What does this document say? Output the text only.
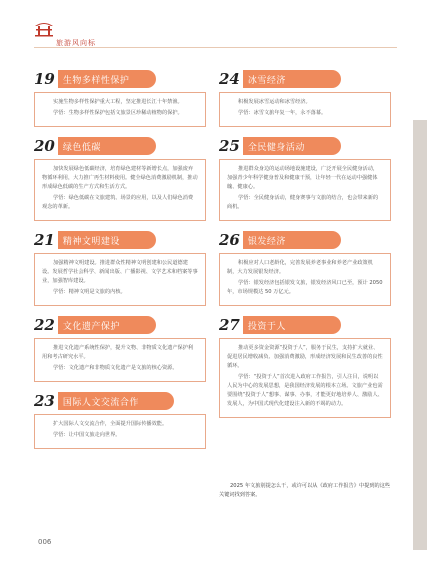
旅游风向标
19 生物多样性保护

实施生物多样性保护重大工程，坚定推进长江十年禁渔。

学悟：生物多样性保护包括文旅景区珍稀动植物的保护。

20 绿色低碳

加快发展绿色低碳经济，培育绿色建材等新增长点，加强废弃物循环利用，大力推广再生材料使用。健全绿色消费激励机制，推动形成绿色低碳的生产方式和生活方式。

学悟：绿色低碳在文旅建筑、场景的应用，以及人们绿色消费观念的革新。

21 精神文明建设

加强精神文明建设。推进群众性精神文明创建和公民道德建设。发展哲学社会科学、新闻出版、广播影视、文学艺术和档案等事业，加强智库建设。

学悟：精神文明是文旅的内核。

22 文化遗产保护

推进文化遗产系统性保护，提升文物、非物质文化遗产保护利用和考古研究水平。

学悟：文化遗产和非物质文化遗产是文旅的核心资源。

23 国际人文交流合作

扩大国际人文交流合作，全面提升国际传播效能。

学悟：让中国文旅走向世界。

24 冰雪经济

积极发展冰雪运动和冰雪经济。

学悟：冰雪文旅年复一年，永不落幕。

25 全民健身活动

推进群众身边的运动场地设施建设，广泛开展全民健身活动，加强青少年科学健身普及和健康干预，让年轻一代在运动中强健体魄、健康心。

学悟：全民健身活动，健身赛事与文旅的结合，也会带来新的商机。

26 银发经济

积极应对人口老龄化，完善发展养老事业和养老产业政策机制，大力发展银发经济。

学悟：银发经济包括银发文旅，银发经济风口已至，预计 2050 年，市场规模达 50 万亿元。

27 投资于人

推动更多资金资源“投资于人”，服务于民生，支持扩大就业、促进居民增收减负、加强消费激励，形成经济发展和民生改善的良性循环。

学悟：“投资于人”首次进入政府工作报告，引人注目，说明以人民为中心的发展思想，是我国经济发展的根本立场。文旅产业也需要围绕“投资于人”想事、谋事、办事，才能更好地培养人、激励人、发展人，为中国式现代化建设注入新的不竭的动力。

2025 年文旅别提怎么干，或许可以从《政府工作报告》中提到的这些关键词找到答案。
006
